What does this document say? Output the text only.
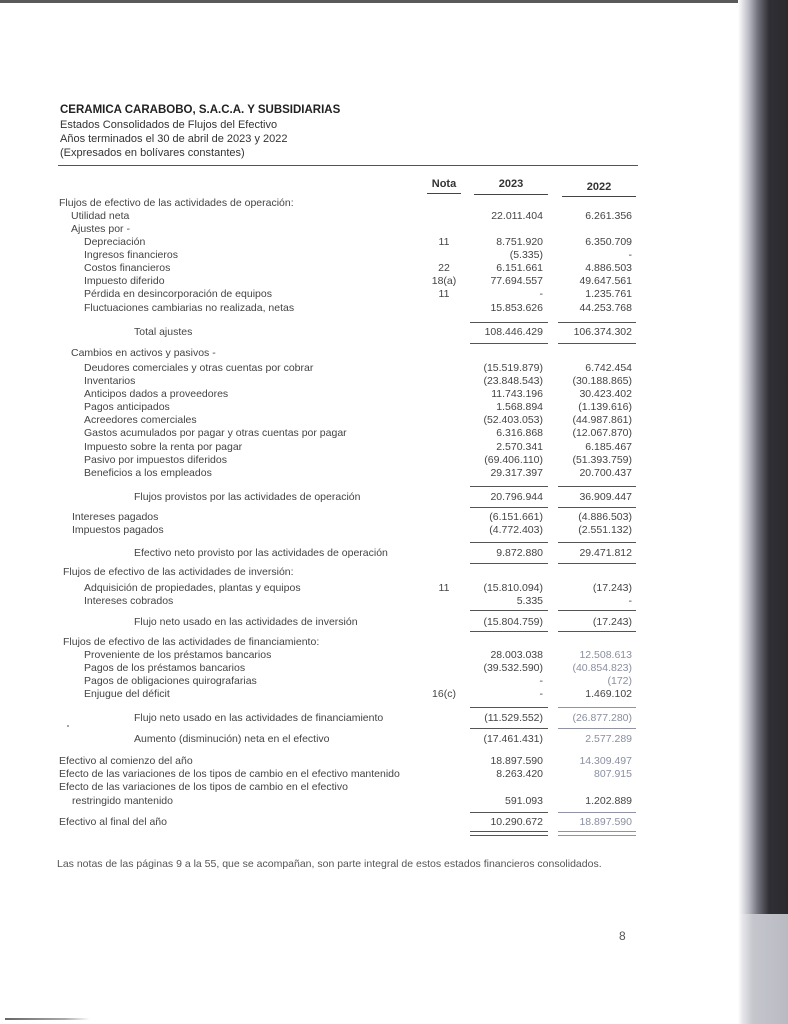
CERAMICA CARABOBO, S.A.C.A. Y SUBSIDIARIAS
Estados Consolidados de Flujos del Efectivo
Años terminados el 30 de abril de 2023 y 2022
(Expresados en bolívares constantes)
Nota	2023	2022
Flujos de efectivo de las actividades de operación:
Utilidad neta	22.011.404	6.261.356
Ajustes por -
Depreciación	11	8.751.920	6.350.709
Ingresos financieros	(5.335)	-
Costos financieros	22	6.151.661	4.886.503
Impuesto diferido	18(a)	77.694.557	49.647.561
Pérdida en desincorporación de equipos	11	-	1.235.761
Fluctuaciones cambiarias no realizada, netas	15.853.626	44.253.768
Total ajustes	108.446.429	106.374.302
Cambios en activos y pasivos -
Deudores comerciales y otras cuentas por cobrar	(15.519.879)	6.742.454
Inventarios	(23.848.543)	(30.188.865)
Anticipos dados a proveedores	11.743.196	30.423.402
Pagos anticipados	1.568.894	(1.139.616)
Acreedores comerciales	(52.403.053)	(44.987.861)
Gastos acumulados por pagar y otras cuentas por pagar	6.316.868	(12.067.870)
Impuesto sobre la renta por pagar	2.570.341	6.185.467
Pasivo por impuestos diferidos	(69.406.110)	(51.393.759)
Beneficios a los empleados	29.317.397	20.700.437
Flujos provistos por las actividades de operación	20.796.944	36.909.447
Intereses pagados	(6.151.661)	(4.886.503)
Impuestos pagados	(4.772.403)	(2.551.132)
Efectivo neto provisto por las actividades de operación	9.872.880	29.471.812
Flujos de efectivo de las actividades de inversión:
Adquisición de propiedades, plantas y equipos	11	(15.810.094)	(17.243)
Intereses cobrados	5.335	-
Flujo neto usado en las actividades de inversión	(15.804.759)	(17.243)
Flujos de efectivo de las actividades de financiamiento:
Proveniente de los préstamos bancarios	28.003.038	12.508.613
Pagos de los préstamos bancarios	(39.532.590)	(40.854.823)
Pagos de obligaciones quirografarias	-	(172)
Enjugue del déficit	16(c)	-	1.469.102
Flujo neto usado en las actividades de financiamiento	(11.529.552)	(26.877.280)
Aumento (disminución) neta en el efectivo	(17.461.431)	2.577.289
Efectivo al comienzo del año	18.897.590	14.309.497
Efecto de las variaciones de los tipos de cambio en el efectivo mantenido	8.263.420	807.915
Efecto de las variaciones de los tipos de cambio en el efectivo
restringido mantenido	591.093	1.202.889
Efectivo al final del año	10.290.672	18.897.590
Las notas de las páginas 9 a la 55, que se acompañan, son parte integral de estos estados financieros consolidados.
8
